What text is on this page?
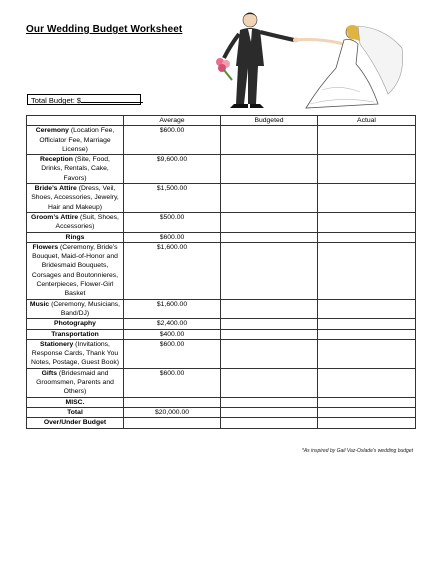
Our Wedding Budget Worksheet
Total Budget: $
	Average	Budgeted	Actual
Ceremony (Location Fee, Officiator Fee, Marriage License)	$600.00		
Reception (Site, Food, Drinks, Rentals, Cake, Favors)	$9,600.00		
Bride’s Attire (Dress, Veil, Shoes, Accessories, Jewelry, Hair and Makeup)	$1,500.00		
Groom’s Attire (Suit, Shoes, Accessories)	$500.00		
Rings	$600.00		
Flowers (Ceremony, Bride’s Bouquet, Maid-of-Honor and Bridesmaid Bouquets, Corsages and Boutonnieres, Centerpieces, Flower-Girl Basket	$1,600.00		
Music (Ceremony, Musicians, Band/DJ)	$1,600.00		
Photography	$2,400.00		
Transportation	$400.00		
Stationery (Invitations, Response Cards, Thank You Notes, Postage, Guest Book)	$600.00		
Gifts (Bridesmaid and Groomsmen, Parents and Others)	$600.00		
MISC.			
Total	$20,000.00		
Over/Under Budget			
*As inspired by Gail Vaz-Oxlade's wedding budget
